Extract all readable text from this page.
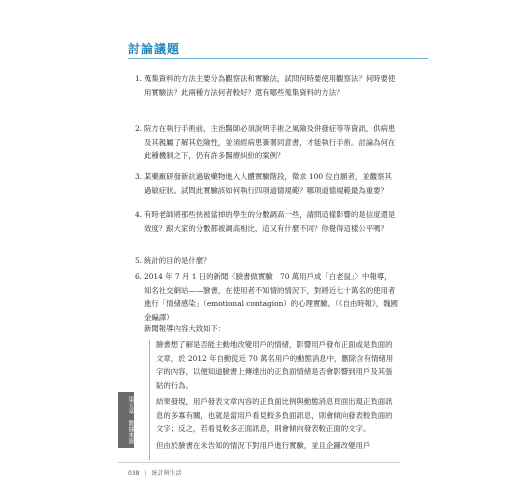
討論議題
1. 蒐集資料的方法主要分為觀察法和實驗法，試問何時要使用觀察法？何時要使用實驗法？此兩種方法何者較好？還有哪些蒐集資料的方法？
2. 院方在執行手術前，主治醫師必須說明手術之風險及併發症等等資訊，供病患及其親屬了解其危險性，並須經病患簽署同意書，才能執行手術。討論為何在此種機制之下，仍有許多醫療糾紛的案例？
3. 某藥廠研發新抗過敏藥物進入人體實驗階段，徵求 100 位自願者，並觀察其過敏症狀。試問此實驗該如何執行四項道德規範？哪項道德規範最為重要？
4. 有時老師將那些快被當掉的學生的分數調高一些，請問這樣影響的是信度還是效度？跟大家的分數都被調高相比，這又有什麼不同？你覺得這樣公平嗎？
5. 統計的目的是什麼？
6. 2014 年 7 月 1 日的新聞〈臉書做實驗　70 萬用戶成「白老鼠」〉中報導，知名社交網站——臉書，在使用者不知情的情況下，對將近七十萬名的使用者進行「情緒感染」（emotional contagion）的心理實驗。（《自由時報》，魏國金編譯）
新聞報導內容大致如下：

臉書想了解是否能主動地改變用戶的情緒，影響用戶發布正面或是負面的文章，於 2012 年自動從近 70 萬名用戶的動態消息中，刪除含有情緒用字的內容，以便知道臉書上傳達出的正負面情緒是否會影響到用戶及其張貼的行為。

結果發現，用戶發表文章內容的正負面比例與動態消息頁面出現正負面訊息的多寡有關，也就是當用戶看見較多負面訊息，則會傾向發表較負面的文字；反之，若看見較多正面訊息，則會傾向發表較正面的文字。

但由於臉書在未告知的情況下對用戶進行實驗，並且企圖改變用戶

第五章　數據來源
038 | 統計與生活
